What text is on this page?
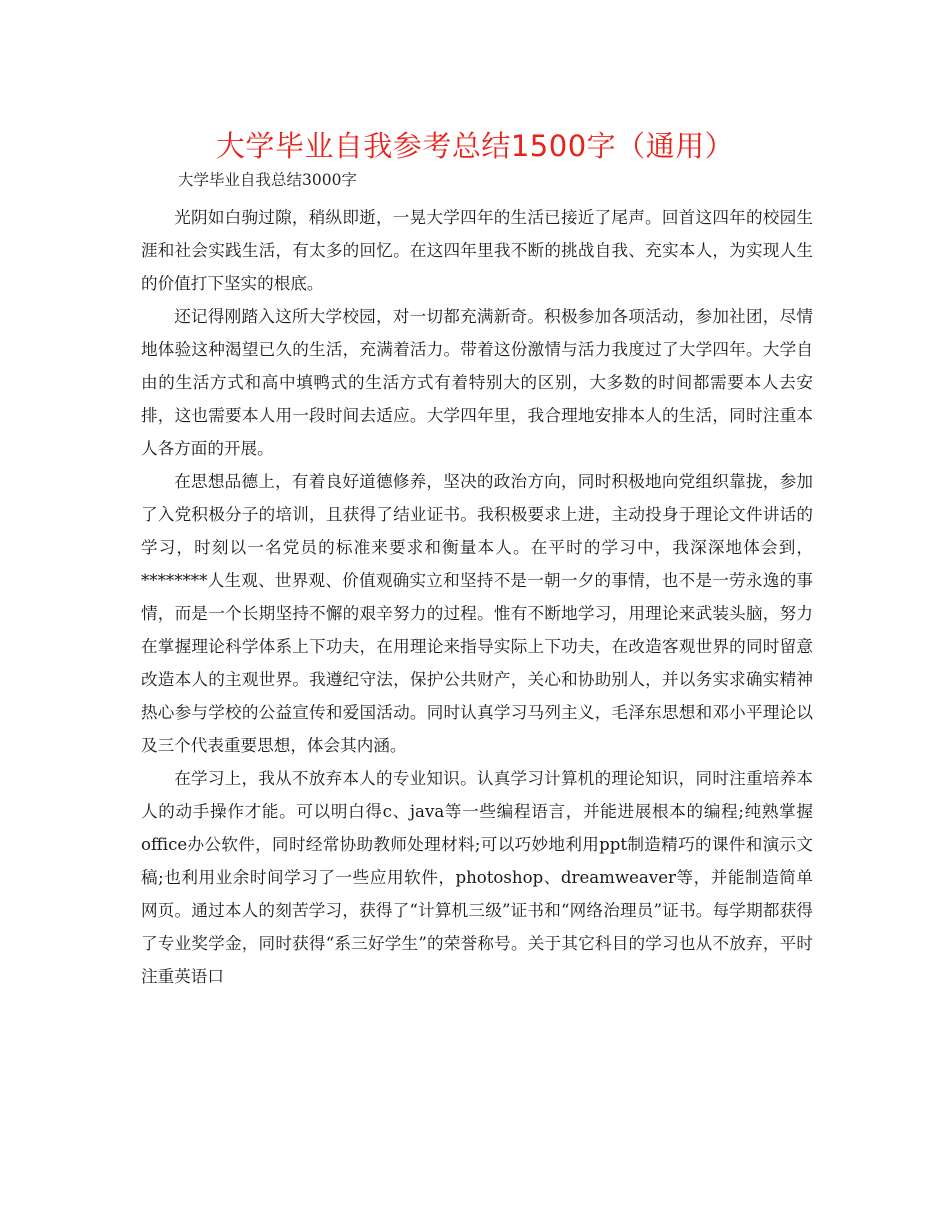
大学毕业自我参考总结1500字（通用）
大学毕业自我总结3000字

光阴如白驹过隙，稍纵即逝，一晃大学四年的生活已接近了尾声。回首这四年的校园生涯和社会实践生活，有太多的回忆。在这四年里我不断的挑战自我、充实本人，为实现人生的价值打下坚实的根底。

还记得刚踏入这所大学校园，对一切都充满新奇。积极参加各项活动，参加社团，尽情地体验这种渴望已久的生活，充满着活力。带着这份激情与活力我度过了大学四年。大学自由的生活方式和高中填鸭式的生活方式有着特别大的区别，大多数的时间都需要本人去安排，这也需要本人用一段时间去适应。大学四年里，我合理地安排本人的生活，同时注重本人各方面的开展。

在思想品德上，有着良好道德修养，坚决的政治方向，同时积极地向党组织靠拢，参加了入党积极分子的培训，且获得了结业证书。我积极要求上进，主动投身于理论文件讲话的学习，时刻以一名党员的标准来要求和衡量本人。在平时的学习中，我深深地体会到，********人生观、世界观、价值观确实立和坚持不是一朝一夕的事情，也不是一劳永逸的事情，而是一个长期坚持不懈的艰辛努力的过程。惟有不断地学习，用理论来武装头脑，努力在掌握理论科学体系上下功夫，在用理论来指导实际上下功夫，在改造客观世界的同时留意改造本人的主观世界。我遵纪守法，保护公共财产，关心和协助别人，并以务实求确实精神热心参与学校的公益宣传和爱国活动。同时认真学习马列主义，毛泽东思想和邓小平理论以及三个代表重要思想，体会其内涵。

在学习上，我从不放弃本人的专业知识。认真学习计算机的理论知识，同时注重培养本人的动手操作才能。可以明白得c、java等一些编程语言，并能进展根本的编程;纯熟掌握office办公软件，同时经常协助教师处理材料;可以巧妙地利用ppt制造精巧的课件和演示文稿;也利用业余时间学习了一些应用软件，photoshop、dreamweaver等，并能制造简单网页。通过本人的刻苦学习，获得了“计算机三级”证书和“网络治理员”证书。每学期都获得了专业奖学金，同时获得“系三好学生”的荣誉称号。关于其它科目的学习也从不放弃，平时注重英语口
